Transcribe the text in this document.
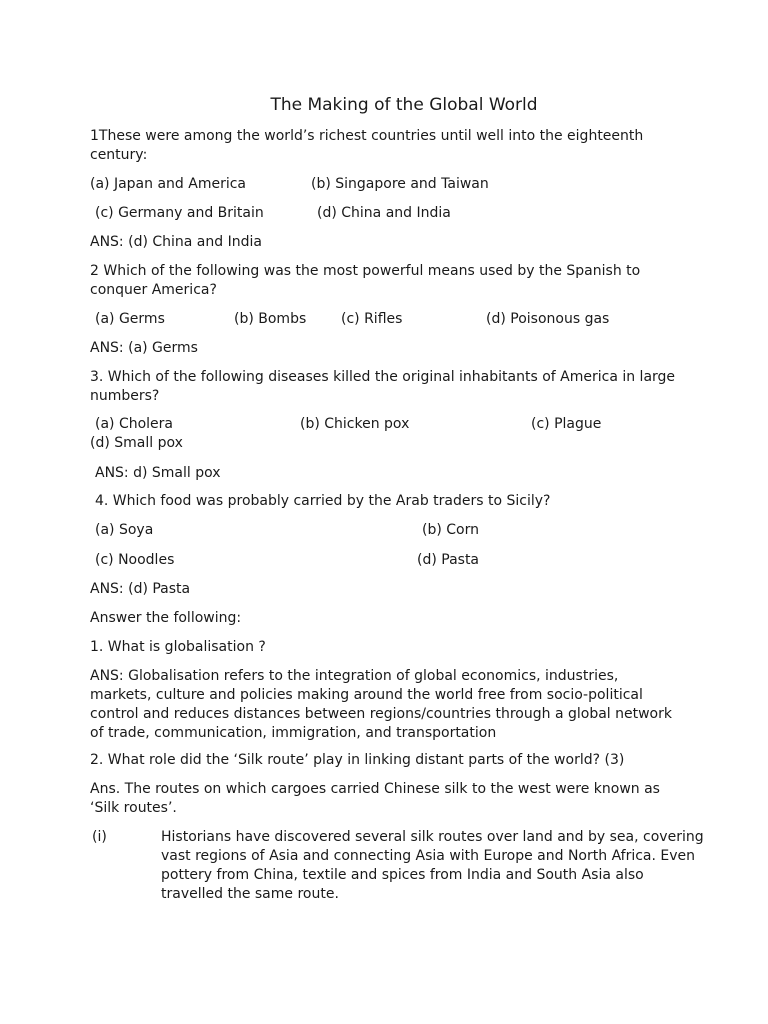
The Making of the Global World
1These were among the world’s richest countries until well into the eighteenth
century:
(a) Japan and America	(b) Singapore and Taiwan
(c) Germany and Britain	(d) China and India
ANS: (d) China and India
2 Which of the following was the most powerful means used by the Spanish to
conquer America?
(a) Germs	(b) Bombs (c) Rifles	(d) Poisonous gas
ANS: (a) Germs
3. Which of the following diseases killed the original inhabitants of America in large
numbers?
(a) Cholera	(b) Chicken pox	(c) Plague
(d) Small pox
ANS: d) Small pox
4. Which food was probably carried by the Arab traders to Sicily?
(a) Soya	(b) Corn
(c) Noodles	(d) Pasta
ANS: (d) Pasta
Answer the following:
1. What is globalisation ?
ANS: Globalisation refers to the integration of global economics, industries, markets, culture and policies making around the world free from socio-political control and reduces distances between regions/countries through a global network of trade, communication, immigration, and transportation
2. What role did the ‘Silk route’ play in linking distant parts of the world? (3)
Ans. The routes on which cargoes carried Chinese silk to the west were known as ‘Silk routes’.
(i)	Historians have discovered several silk routes over land and by sea, covering vast regions of Asia and connecting Asia with Europe and North Africa. Even pottery from China, textile and spices from India and South Asia also travelled the same route.
